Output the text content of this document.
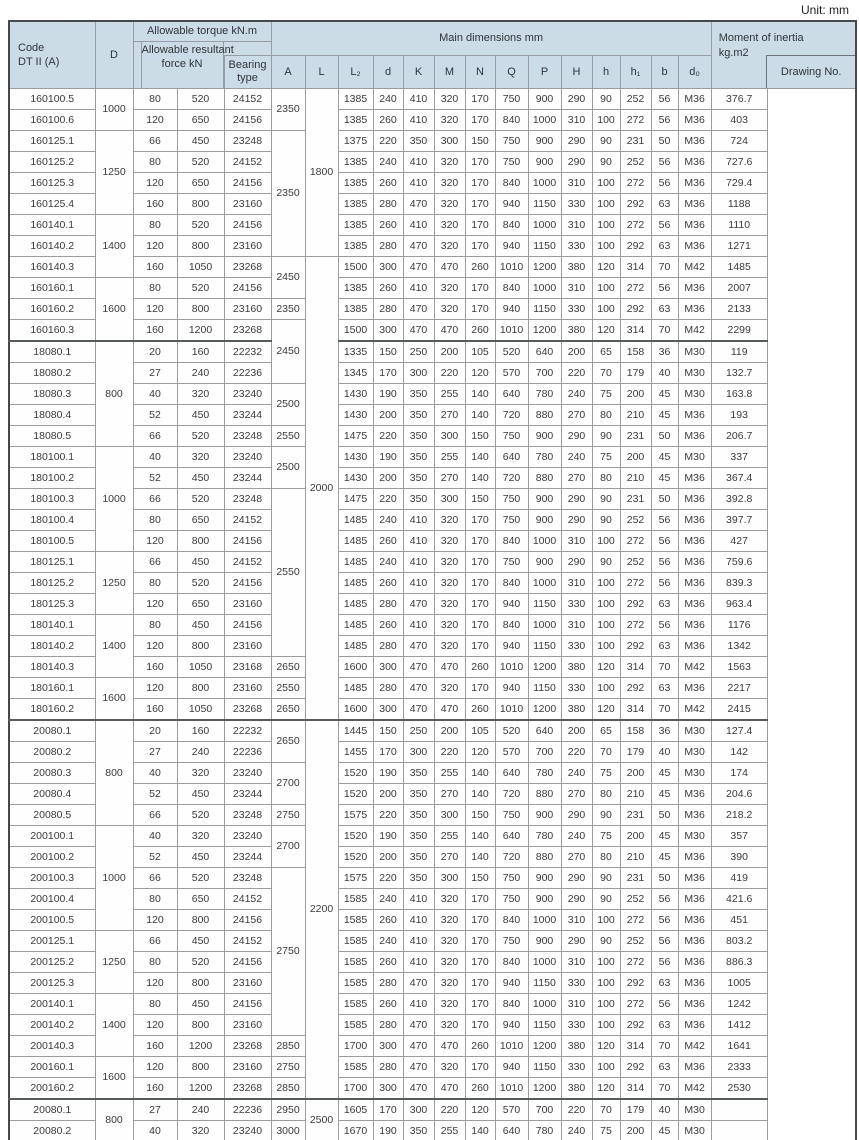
Unit: mm
Code
DT II (A)	D	
Allowable torque kN.m
Allowable resultant
force kN	Bearing
type
	Main dimensions mm	Moment of inertia
kg.m2
Drawing No.

					A	L	L₂	d	K	M	N	Q	P	H	h	h₁	b	d₀	
160100.5	1000	80	520	24152	2350	1800	1385	240	410	320	170	750	900	290	90	252	56	M36	376.7
160100.6		120	650	24156			1385	260	410	320	170	840	1000	310	100	272	56	M36	403
160125.1	1250	66	450	23248	2350		1375	220	350	300	150	750	900	290	90	231	50	M36	724
160125.2		80	520	24152			1385	240	410	320	170	750	900	290	90	252	56	M36	727.6
160125.3		120	650	24156			1385	260	410	320	170	840	1000	310	100	272	56	M36	729.4
160125.4		160	800	23160			1385	280	470	320	170	940	1150	330	100	292	63	M36	1188
160140.1	1400	80	520	24156			1385	260	410	320	170	840	1000	310	100	272	56	M36	1110
160140.2		120	800	23160			1385	280	470	320	170	940	1150	330	100	292	63	M36	1271
160140.3		160	1050	23268	2450	2000	1500	300	470	470	260	1010	1200	380	120	314	70	M42	1485
160160.1	1600	80	520	24156			1385	260	410	320	170	840	1000	310	100	272	56	M36	2007
160160.2		120	800	23160	2350		1385	280	470	320	170	940	1150	330	100	292	63	M36	2133
160160.3		160	1200	23268	2450		1500	300	470	470	260	1010	1200	380	120	314	70	M42	2299
18080.1	800	20	160	22232			1335	150	250	200	105	520	640	200	65	158	36	M30	119
18080.2		27	240	22236			1345	170	300	220	120	570	700	220	70	179	40	M30	132.7
18080.3		40	320	23240	2500		1430	190	350	255	140	640	780	240	75	200	45	M30	163.8
18080.4		52	450	23244			1430	200	350	270	140	720	880	270	80	210	45	M36	193
18080.5		66	520	23248	2550		1475	220	350	300	150	750	900	290	90	231	50	M36	206.7
180100.1	1000	40	320	23240	2500		1430	190	350	255	140	640	780	240	75	200	45	M30	337
180100.2		52	450	23244			1430	200	350	270	140	720	880	270	80	210	45	M36	367.4
180100.3		66	520	23248	2550		1475	220	350	300	150	750	900	290	90	231	50	M36	392.8
180100.4		80	650	24152			1485	240	410	320	170	750	900	290	90	252	56	M36	397.7
180100.5		120	800	24156			1485	260	410	320	170	840	1000	310	100	272	56	M36	427
180125.1	1250	66	450	24152			1485	240	410	320	170	750	900	290	90	252	56	M36	759.6
180125.2		80	520	24156			1485	260	410	320	170	840	1000	310	100	272	56	M36	839.3
180125.3		120	650	23160			1485	280	470	320	170	940	1150	330	100	292	63	M36	963.4
180140.1	1400	80	450	24156			1485	260	410	320	170	840	1000	310	100	272	56	M36	1176
180140.2		120	800	23160			1485	280	470	320	170	940	1150	330	100	292	63	M36	1342
180140.3		160	1050	23168	2650		1600	300	470	470	260	1010	1200	380	120	314	70	M42	1563
180160.1	1600	120	800	23160	2550		1485	280	470	320	170	940	1150	330	100	292	63	M36	2217
180160.2		160	1050	23268	2650		1600	300	470	470	260	1010	1200	380	120	314	70	M42	2415
20080.1	800	20	160	22232	2650	2200	1445	150	250	200	105	520	640	200	65	158	36	M30	127.4
20080.2		27	240	22236			1455	170	300	220	120	570	700	220	70	179	40	M30	142
20080.3		40	320	23240	2700		1520	190	350	255	140	640	780	240	75	200	45	M30	174
20080.4		52	450	23244			1520	200	350	270	140	720	880	270	80	210	45	M36	204.6
20080.5		66	520	23248	2750		1575	220	350	300	150	750	900	290	90	231	50	M36	218.2
200100.1	1000	40	320	23240	2700		1520	190	350	255	140	640	780	240	75	200	45	M30	357
200100.2		52	450	23244			1520	200	350	270	140	720	880	270	80	210	45	M36	390
200100.3		66	520	23248	2750		1575	220	350	300	150	750	900	290	90	231	50	M36	419
200100.4		80	650	24152			1585	240	410	320	170	750	900	290	90	252	56	M36	421.6
200100.5		120	800	24156			1585	260	410	320	170	840	1000	310	100	272	56	M36	451
200125.1	1250	66	450	24152			1585	240	410	320	170	750	900	290	90	252	56	M36	803.2
200125.2		80	520	24156			1585	260	410	320	170	840	1000	310	100	272	56	M36	886.3
200125.3		120	800	23160			1585	280	470	320	170	940	1150	330	100	292	63	M36	1005
200140.1	1400	80	450	24156			1585	260	410	320	170	840	1000	310	100	272	56	M36	1242
200140.2		120	800	23160			1585	280	470	320	170	940	1150	330	100	292	63	M36	1412
200140.3		160	1200	23268	2850		1700	300	470	470	260	1010	1200	380	120	314	70	M42	1641
200160.1	1600	120	800	23160	2750		1585	280	470	320	170	940	1150	330	100	292	63	M36	2333
200160.2		160	1200	23268	2850		1700	300	470	470	260	1010	1200	380	120	314	70	M42	2530
20080.1	800	27	240	22236	2950	2500	1605	170	300	220	120	570	700	220	70	179	40	M30	
20080.2		40	320	23240	3000		1670	190	350	255	140	640	780	240	75	200	45	M30	
